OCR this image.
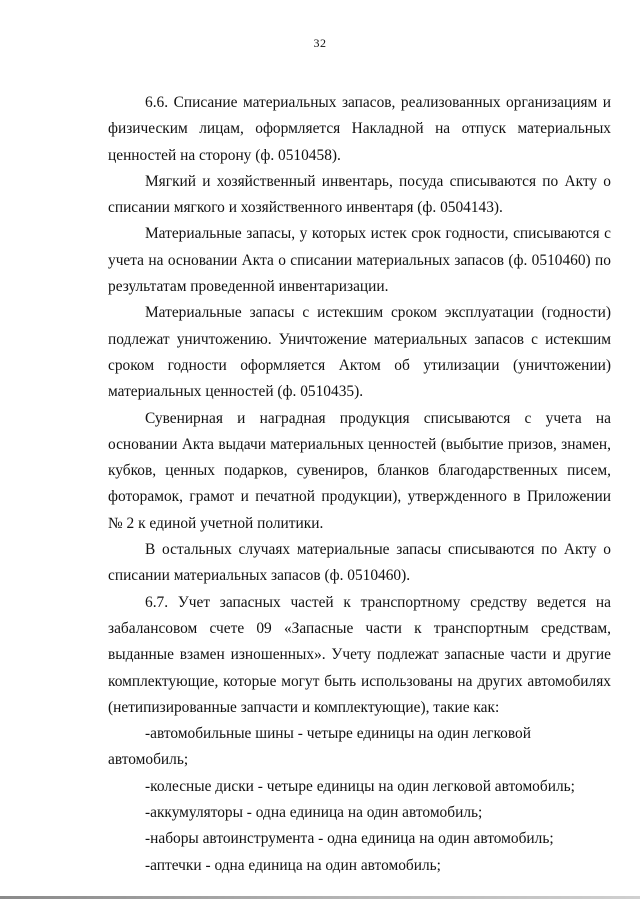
32

6.6. Списание материальных запасов, реализованных организациям и физическим лицам, оформляется Накладной на отпуск материальных ценностей на сторону (ф. 0510458).

Мягкий и хозяйственный инвентарь, посуда списываются по Акту о списании мягкого и хозяйственного инвентаря (ф. 0504143).

Материальные запасы, у которых истек срок годности, списываются с учета на основании Акта о списании материальных запасов (ф. 0510460) по результатам проведенной инвентаризации.

Материальные запасы с истекшим сроком эксплуатации (годности) подлежат уничтожению. Уничтожение материальных запасов с истекшим сроком годности оформляется Актом об утилизации (уничтожении) материальных ценностей (ф. 0510435).

Сувенирная и наградная продукция списываются с учета на основании Акта выдачи материальных ценностей (выбытие призов, знамен, кубков, ценных подарков, сувениров, бланков благодарственных писем, фоторамок, грамот и печатной продукции), утвержденного в Приложении № 2 к единой учетной политики.

В остальных случаях материальные запасы списываются по Акту о списании материальных запасов (ф. 0510460).

6.7. Учет запасных частей к транспортному средству ведется на забалансовом счете 09 «Запасные части к транспортным средствам, выданные взамен изношенных». Учету подлежат запасные части и другие комплектующие, которые могут быть использованы на других автомобилях (нетипизированные запчасти и комплектующие), такие как:

-автомобильные шины - четыре единицы на один легковой автомобиль;
-колесные диски - четыре единицы на один легковой автомобиль;
-аккумуляторы - одна единица на один автомобиль;
-наборы автоинструмента - одна единица на один автомобиль;
-аптечки - одна единица на один автомобиль;
